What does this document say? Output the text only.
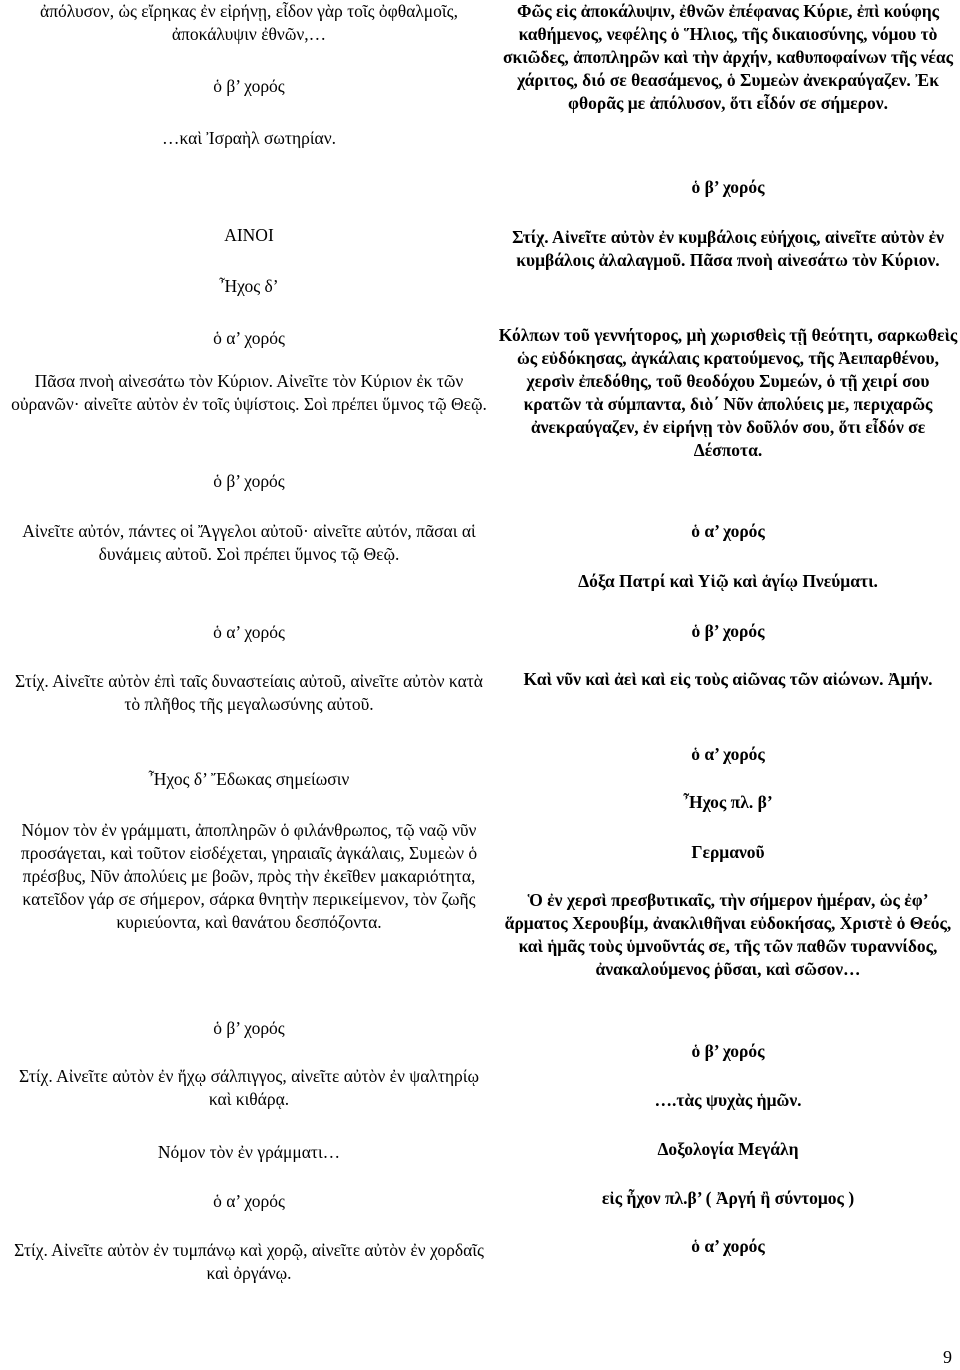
ἀπόλυσον, ὡς εἴρηκας ἐν εἰρήνῃ, εἶδον γὰρ τοῖς ὀφθαλμοῖς, ἀποκάλυψιν ἐθνῶν,…

ὁ β’ χορός

…καὶ Ἰσραὴλ σωτηρίαν.

ΑΙΝΟΙ

Ἦχος δ’

ὁ α’ χορός

Πᾶσα πνοὴ αἰνεσάτω τὸν Κύριον. Αἰνεῖτε τὸν Κύριον ἐκ τῶν οὐρανῶν· αἰνεῖτε αὐτὸν ἐν τοῖς ὑψίστοις. Σοὶ πρέπει ὕμνος τῷ Θεῷ.

ὁ β’ χορός

Αἰνεῖτε αὐτόν, πάντες οἱ Ἄγγελοι αὐτοῦ· αἰνεῖτε αὐτόν, πᾶσαι αἱ δυνάμεις αὐτοῦ. Σοὶ πρέπει ὕμνος τῷ Θεῷ.

ὁ α’ χορός

Στίχ. Αἰνεῖτε αὐτὸν ἐπὶ ταῖς δυναστείαις αὐτοῦ, αἰνεῖτε αὐτὸν κατὰ τὸ πλῆθος τῆς μεγαλωσύνης αὐτοῦ.

Ἦχος δ’ Ἔδωκας σημείωσιν

Νόμον τὸν ἐν γράμματι, ἀποπληρῶν ὁ φιλάνθρωπος, τῷ ναῷ νῦν προσάγεται, καὶ τοῦτον εἰσδέχεται, γηραιαῖς ἀγκάλαις, Συμεὼν ὁ πρέσβυς, Νῦν ἀπολύεις με βοῶν, πρὸς τὴν ἐκεῖθεν μακαριότητα, κατεῖδον γάρ σε σήμερον, σάρκα θνητὴν περικείμενον, τὸν ζωῆς κυριεύοντα, καὶ θανάτου δεσπόζοντα.

ὁ β’ χορός

Στίχ. Αἰνεῖτε αὐτὸν ἐν ἤχῳ σάλπιγγος, αἰνεῖτε αὐτὸν ἐν ψαλτηρίῳ καὶ κιθάρᾳ.

Νόμον τὸν ἐν γράμματι…

ὁ α’ χορός

Στίχ. Αἰνεῖτε αὐτὸν ἐν τυμπάνῳ καὶ χορῷ, αἰνεῖτε αὐτὸν ἐν χορδαῖς καὶ ὀργάνῳ.

Φῶς εἰς ἀποκάλυψιν, ἐθνῶν ἐπέφανας Κύριε, ἐπὶ κούφης καθήμενος, νεφέλης ὁ Ἥλιος, τῆς δικαιοσύνης, νόμου τὸ σκιῶδες, ἀποπληρῶν καὶ τὴν ἀρχήν, καθυποφαίνων τῆς νέας χάριτος, διό σε θεασάμενος, ὁ Συμεὼν ἀνεκραύγαζεν. Ἐκ φθορᾶς με ἀπόλυσον, ὅτι εἶδόν σε σήμερον.

ὁ β’ χορός

Στίχ. Αἰνεῖτε αὐτὸν ἐν κυμβάλοις εὐήχοις, αἰνεῖτε αὐτὸν ἐν κυμβάλοις ἀλαλαγμοῦ. Πᾶσα πνοὴ αἰνεσάτω τὸν Κύριον.

Κόλπων τοῦ γεννήτορος, μὴ χωρισθεὶς τῇ θεότητι, σαρκωθεὶς ὡς εὐδόκησας, ἀγκάλαις κρατούμενος, τῆς Ἀειπαρθένου, χερσὶν ἐπεδόθης, τοῦ θεοδόχου Συμεών, ὁ τῇ χειρί σου κρατῶν τὰ σύμπαντα, διὸ΄ Νῦν ἀπολύεις με, περιχαρῶς ἀνεκραύγαζεν, ἐν εἰρήνῃ τὸν δοῦλόν σου, ὅτι εἶδόν σε Δέσποτα.

ὁ α’ χορός

Δόξα Πατρί καὶ Υἱῷ καὶ ἁγίῳ Πνεύματι.

ὁ β’ χορός

Καὶ νῦν καὶ ἀεὶ καὶ εἰς τοὺς αἰῶνας τῶν αἰώνων. Ἀμήν.

ὁ α’ χορός

Ἦχος πλ. β’

Γερμανοῦ

Ὁ ἐν χερσὶ πρεσβυτικαῖς, τὴν σήμερον ἡμέραν, ὡς ἐφ’ ἅρματος Χερουβίμ, ἀνακλιθῆναι εὐδοκήσας, Χριστὲ ὁ Θεός, καὶ ἡμᾶς τοὺς ὑμνοῦντάς σε, τῆς τῶν παθῶν τυραννίδος, ἀνακαλούμενος ῥῦσαι, καὶ σῶσον…

ὁ β’ χορός

….τὰς ψυχὰς ἡμῶν.

Δοξολογία Μεγάλη

εἰς ἦχον πλ.β’ ( Ἀργή ἢ σύντομος )

ὁ α’ χορός

9
